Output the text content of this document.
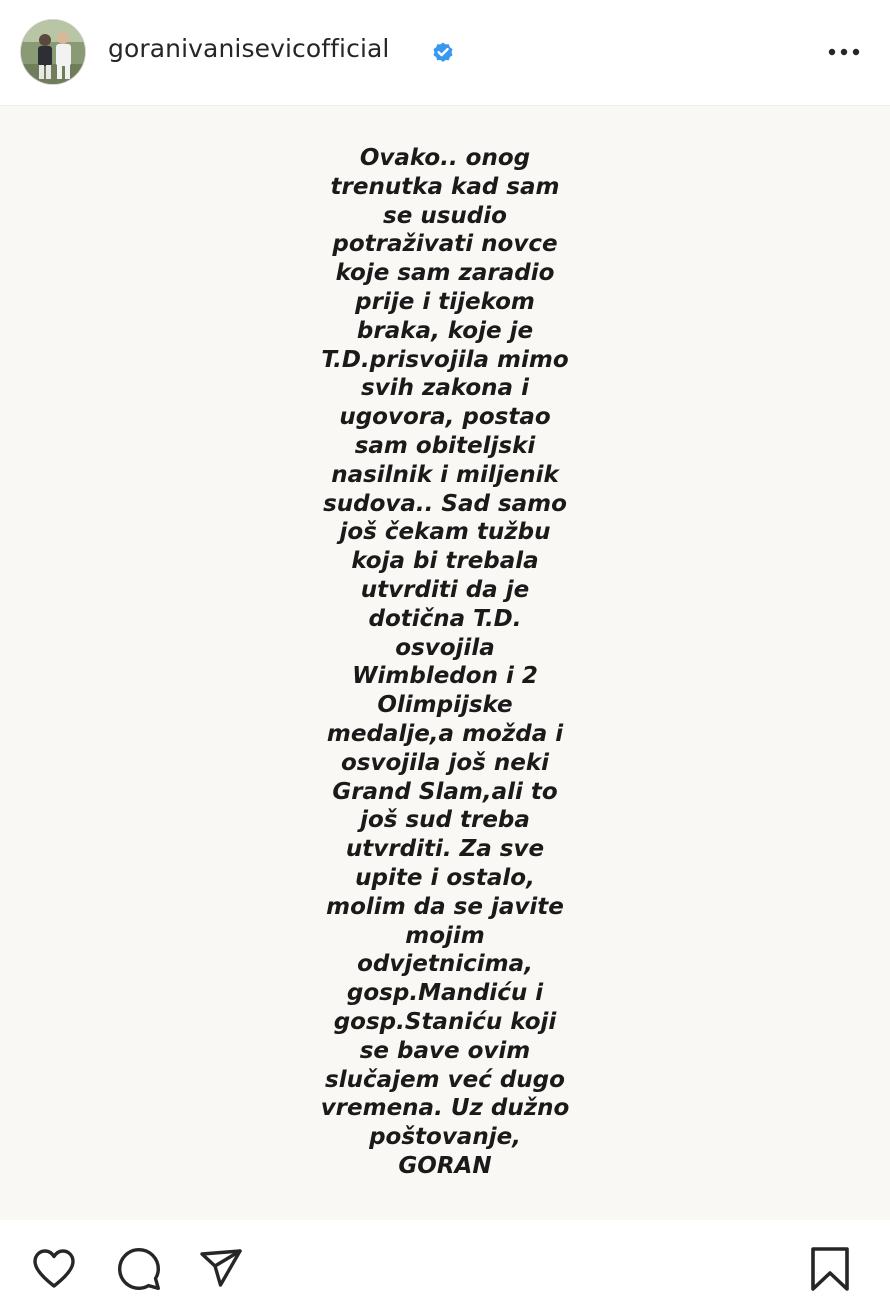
goranivanisevicofficial

Ovako.. onog
trenutka kad sam
se usudio
potraživati novce
koje sam zaradio
prije i tijekom
braka, koje je
T.D.prisvojila mimo
svih zakona i
ugovora, postao
sam obiteljski
nasilnik i miljenik
sudova.. Sad samo
još čekam tužbu
koja bi trebala
utvrditi da je
dotična T.D.
osvojila
Wimbledon i 2
Olimpijske
medalje,a možda i
osvojila još neki
Grand Slam,ali to
još sud treba
utvrditi. Za sve
upite i ostalo,
molim da se javite
mojim
odvjetnicima,
gosp.Mandiću i
gosp.Staniću koji
se bave ovim
slučajem već dugo
vremena. Uz dužno
poštovanje,
GORAN
